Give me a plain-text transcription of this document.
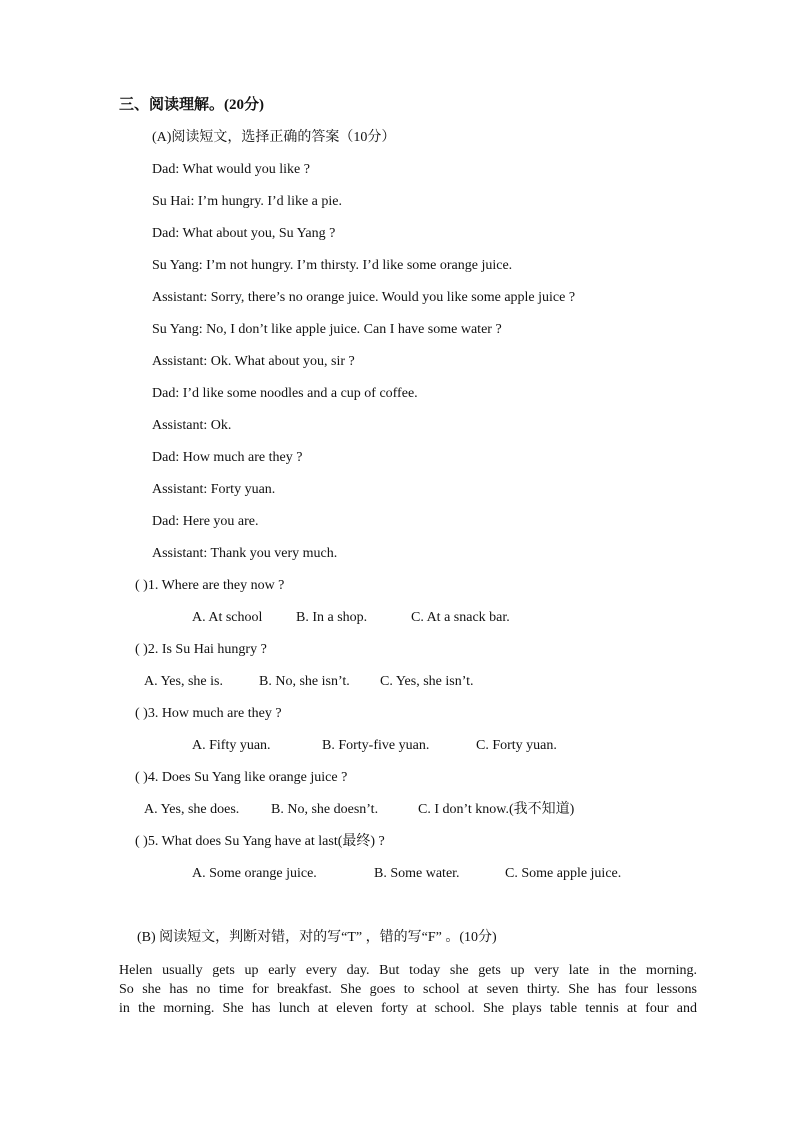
三、阅读理解。(20分)
(A)阅读短文，选择正确的答案（10分）
Dad: What would you like ?
Su Hai: I’m hungry. I’d like a pie.
Dad: What about you, Su Yang ?
Su Yang: I’m not hungry. I’m thirsty. I’d like some orange juice.
Assistant: Sorry, there’s no orange juice. Would you like some apple juice ?
Su Yang: No, I don’t like apple juice. Can I have some water ?
Assistant: Ok. What about you, sir ?
Dad: I’d like some noodles and a cup of coffee.
Assistant: Ok.
Dad: How much are they ?
Assistant: Forty yuan.
Dad: Here you are.
Assistant: Thank you very much.
( )1. Where are they now ?
A. At school B. In a shop.	C. At a snack bar.
( )2. Is Su Hai hungry ?
A. Yes, she is.	B. No, she isn’t. C. Yes, she isn’t.
( )3. How much are they ?
A. Fifty yuan.	B. Forty-five yuan.	C. Forty yuan.
( )4. Does Su Yang like orange juice ?
A. Yes, she does. B. No, she doesn’t.	C. I don’t know.(我不知道)
( )5. What does Su Yang have at last(最终) ?
A. Some orange juice.	B. Some water.	C. Some apple juice.
(B) 阅读短文，判断对错，对的写“T” ，错的写“F” 。(10分)
Helen usually gets up early every day. But today she gets up very late in the morning.
So she has no time for breakfast. She goes to school at seven thirty. She has four lessons
in the morning. She has lunch at eleven forty at school. She plays table tennis at four and
